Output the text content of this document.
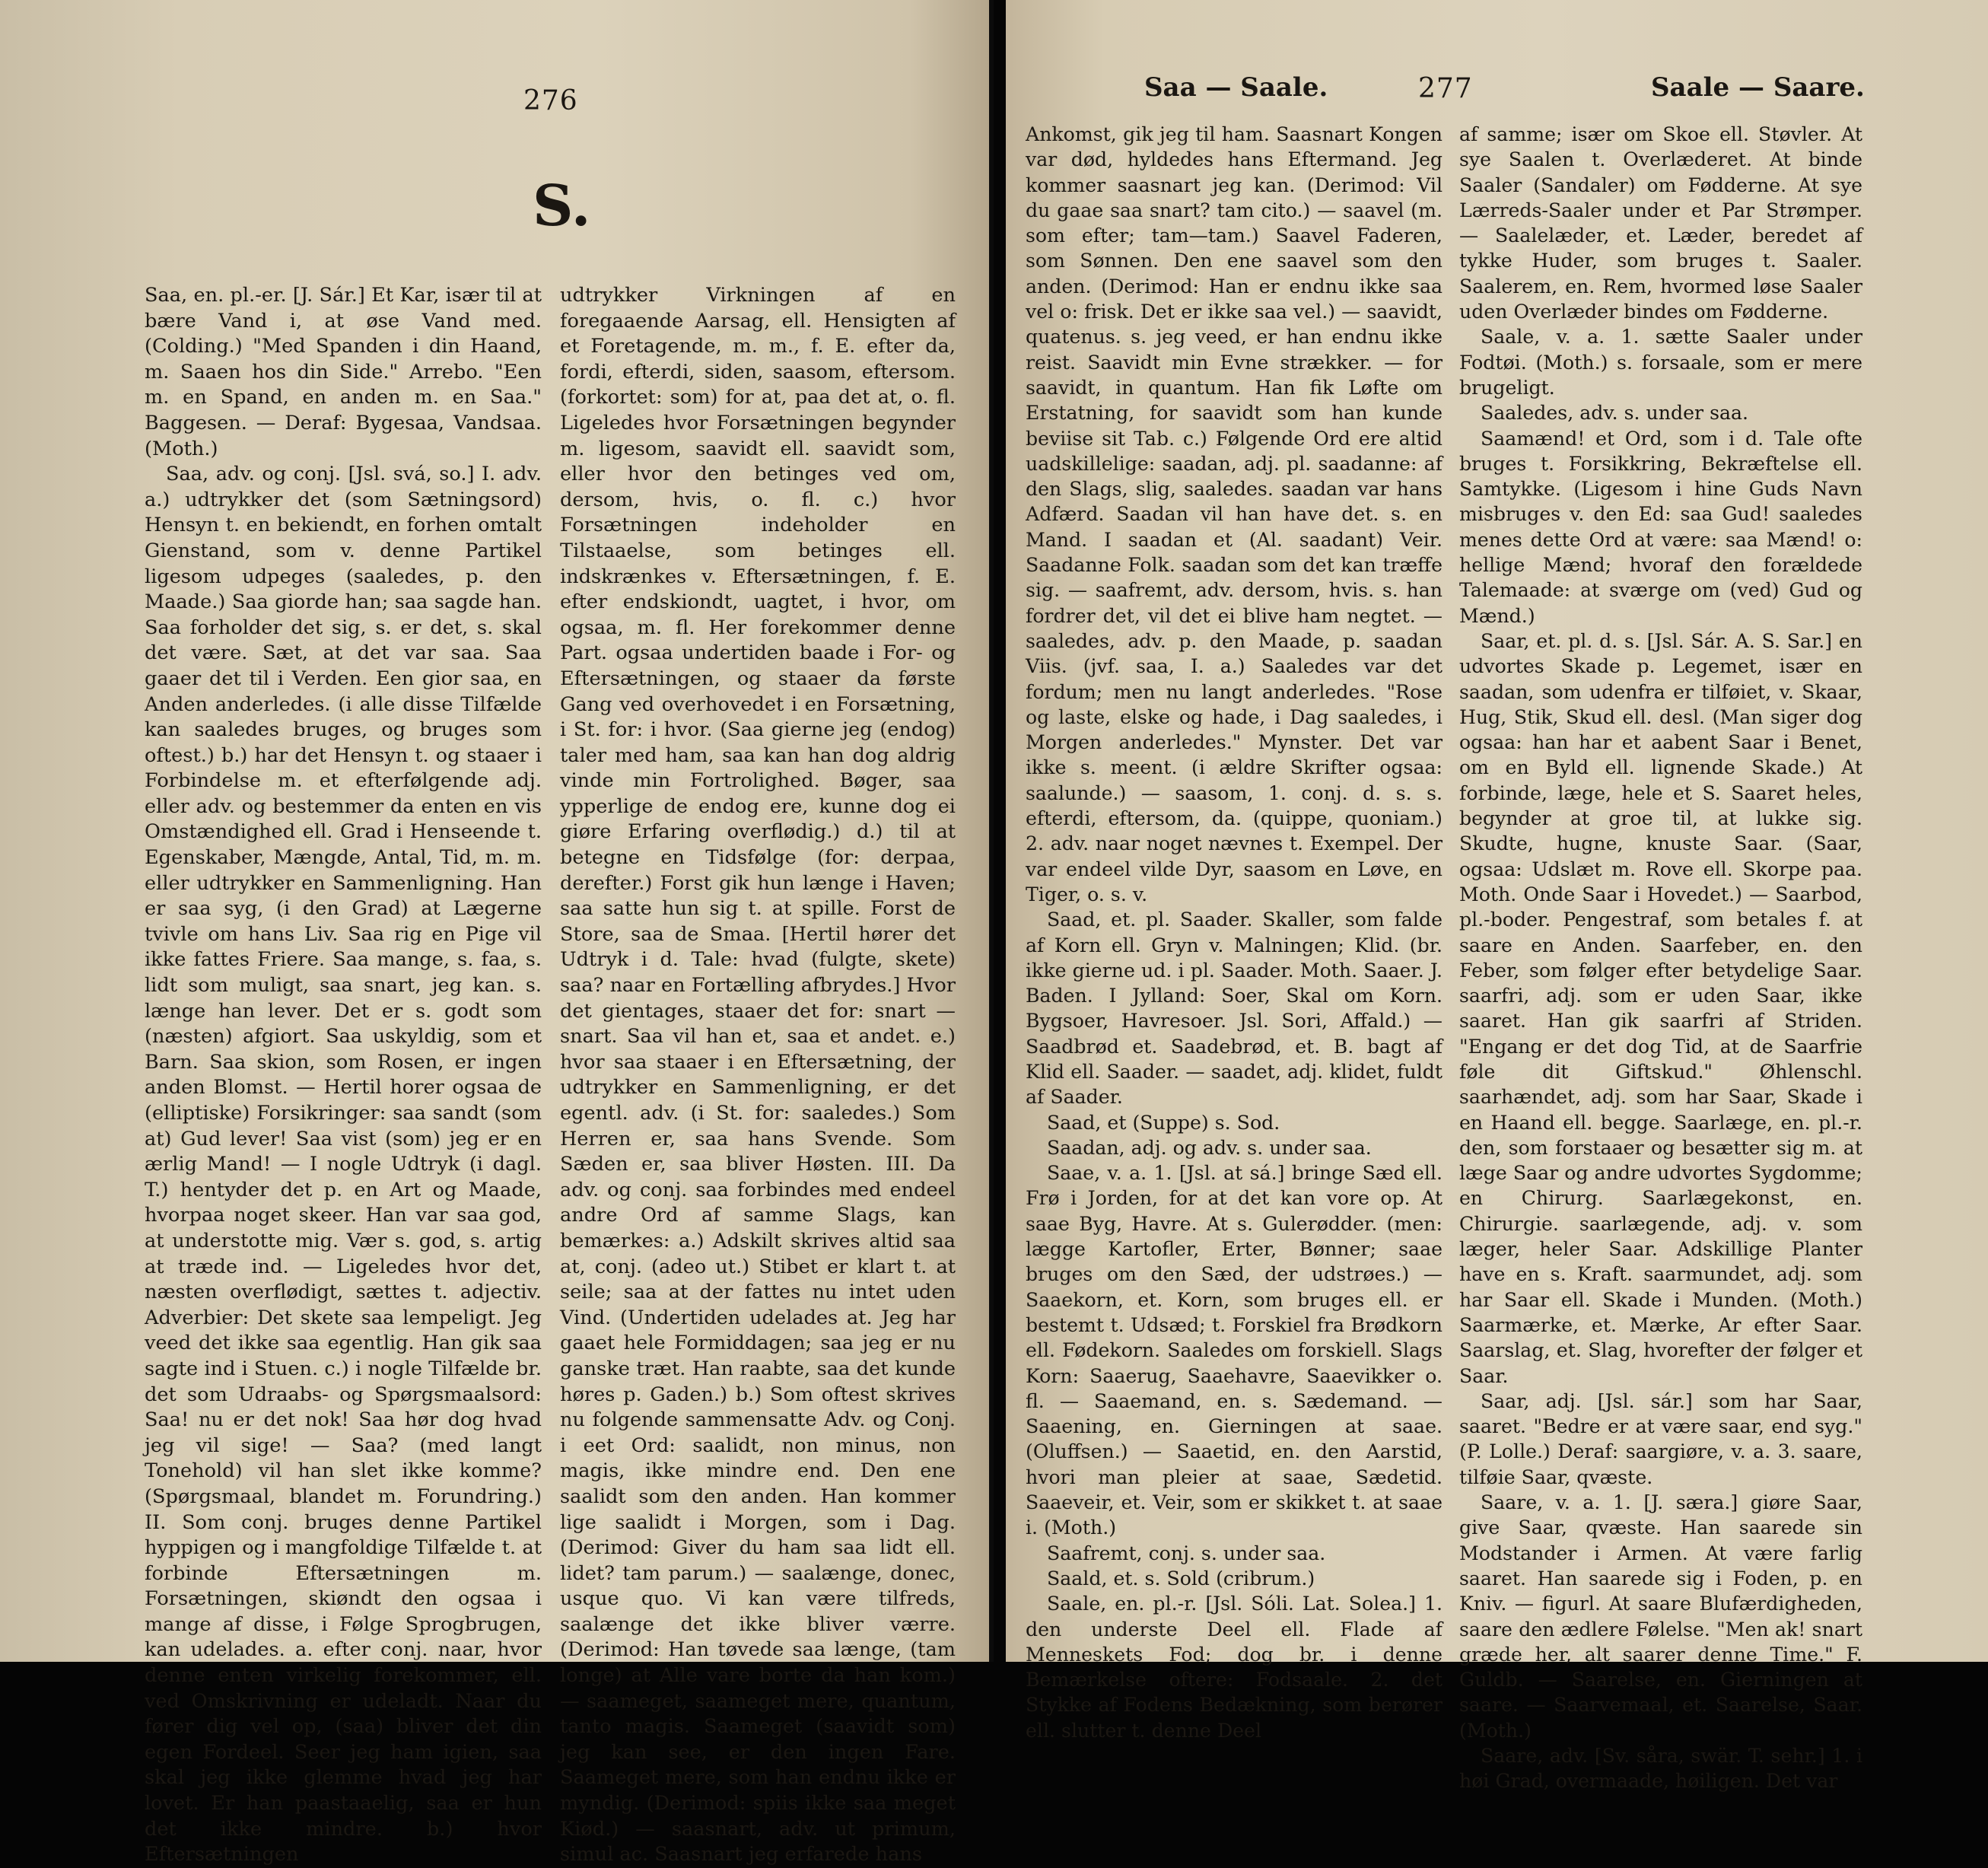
276
S.

Saa, en. pl.-er. [J. Sár.] Et Kar, især til at bære Vand i, at øse Vand med. (Colding.) "Med Spanden i din Haand, m. Saaen hos din Side." Arrebo. "Een m. en Spand, en anden m. en Saa." Baggesen. — Deraf: Bygesaa, Vandsaa. (Moth.)

Saa, adv. og conj. [Jsl. svá, so.] I. adv. a.) udtrykker det (som Sætningsord) Hensyn t. en bekiendt, en forhen omtalt Gienstand, som v. denne Partikel ligesom udpeges (saaledes, p. den Maade.) Saa giorde han; saa sagde han. Saa forholder det sig, s. er det, s. skal det være. Sæt, at det var saa. Saa gaaer det til i Verden. Een gior saa, en Anden anderledes. (i alle disse Tilfælde kan saaledes bruges, og bruges som oftest.) b.) har det Hensyn t. og staaer i Forbindelse m. et efterfølgende adj. eller adv. og bestemmer da enten en vis Omstændighed ell. Grad i Henseende t. Egenskaber, Mængde, Antal, Tid, m. m. eller udtrykker en Sammenligning. Han er saa syg, (i den Grad) at Lægerne tvivle om hans Liv. Saa rig en Pige vil ikke fattes Friere. Saa mange, s. faa, s. lidt som muligt, saa snart, jeg kan. s. længe han lever. Det er s. godt som (næsten) afgiort. Saa uskyldig, som et Barn. Saa skion, som Rosen, er ingen anden Blomst. — Hertil horer ogsaa de (elliptiske) Forsikringer: saa sandt (som at) Gud lever! Saa vist (som) jeg er en ærlig Mand! — I nogle Udtryk (i dagl. T.) hentyder det p. en Art og Maade, hvorpaa noget skeer. Han var saa god, at understotte mig. Vær s. god, s. artig at træde ind. — Ligeledes hvor det, næsten overflødigt, sættes t. adjectiv. Adverbier: Det skete saa lempeligt. Jeg veed det ikke saa egentlig. Han gik saa sagte ind i Stuen. c.) i nogle Tilfælde br. det som Udraabs- og Spørgsmaalsord: Saa! nu er det nok! Saa hør dog hvad jeg vil sige! — Saa? (med langt Tonehold) vil han slet ikke komme? (Spørgsmaal, blandet m. Forundring.) II. Som conj. bruges denne Partikel hyppigen og i mangfoldige Tilfælde t. at forbinde Eftersætningen m. Forsætningen, skiøndt den ogsaa i mange af disse, i Følge Sprogbrugen, kan udelades. a. efter conj. naar, hvor denne enten virkelig forekommer, ell. ved Omskrivning er udeladt. Naar du fører dig vel op, (saa) bliver det din egen Fordeel. Seer jeg ham igien, saa skal jeg ikke glemme hvad jeg har lovet. Er han paastaaelig, saa er hun det ikke mindre. b.) hvor Eftersætningen

udtrykker Virkningen af en foregaaende Aarsag, ell. Hensigten af et Foretagende, m. m., f. E. efter da, fordi, efterdi, siden, saasom, eftersom. (forkortet: som) for at, paa det at, o. fl. Ligeledes hvor Forsætningen begynder m. ligesom, saavidt ell. saavidt som, eller hvor den betinges ved om, dersom, hvis, o. fl. c.) hvor Forsætningen indeholder en Tilstaaelse, som betinges ell. indskrænkes v. Eftersætningen, f. E. efter endskiondt, uagtet, i hvor, om ogsaa, m. fl. Her forekommer denne Part. ogsaa undertiden baade i For- og Eftersætningen, og staaer da første Gang ved overhovedet i en Forsætning, i St. for: i hvor. (Saa gierne jeg (endog) taler med ham, saa kan han dog aldrig vinde min Fortrolighed. Bøger, saa ypperlige de endog ere, kunne dog ei giøre Erfaring overflødig.) d.) til at betegne en Tidsfølge (for: derpaa, derefter.) Forst gik hun længe i Haven; saa satte hun sig t. at spille. Forst de Store, saa de Smaa. [Hertil hører det Udtryk i d. Tale: hvad (fulgte, skete) saa? naar en Fortælling afbrydes.] Hvor det gientages, staaer det for: snart — snart. Saa vil han et, saa et andet. e.) hvor saa staaer i en Eftersætning, der udtrykker en Sammenligning, er det egentl. adv. (i St. for: saaledes.) Som Herren er, saa hans Svende. Som Sæden er, saa bliver Høsten. III. Da adv. og conj. saa forbindes med endeel andre Ord af samme Slags, kan bemærkes: a.) Adskilt skrives altid saa at, conj. (adeo ut.) Stibet er klart t. at seile; saa at der fattes nu intet uden Vind. (Undertiden udelades at. Jeg har gaaet hele Formiddagen; saa jeg er nu ganske træt. Han raabte, saa det kunde høres p. Gaden.) b.) Som oftest skrives nu folgende sammensatte Adv. og Conj. i eet Ord: saalidt, non minus, non magis, ikke mindre end. Den ene saalidt som den anden. Han kommer lige saalidt i Morgen, som i Dag. (Derimod: Giver du ham saa lidt ell. lidet? tam parum.) — saalænge, donec, usque quo. Vi kan være tilfreds, saalænge det ikke bliver værre. (Derimod: Han tøvede saa længe, (tam longe) at Alle vare borte da han kom.) — saameget, saameget mere, quantum, tanto magis. Saameget (saavidt som) jeg kan see, er den ingen Fare. Saameget mere, som han endnu ikke er myndig. (Derimod: spiis ikke saa meget Kiød.) — saasnart, adv. ut primum, simul ac. Saasnart jeg erfarede hans

Saa — Saale.	277	Saale — Saare.

Ankomst, gik jeg til ham. Saasnart Kongen var død, hyldedes hans Eftermand. Jeg kommer saasnart jeg kan. (Derimod: Vil du gaae saa snart? tam cito.) — saavel (m. som efter; tam—tam.) Saavel Faderen, som Sønnen. Den ene saavel som den anden. (Derimod: Han er endnu ikke saa vel o: frisk. Det er ikke saa vel.) — saavidt, quatenus. s. jeg veed, er han endnu ikke reist. Saavidt min Evne strækker. — for saavidt, in quantum. Han fik Løfte om Erstatning, for saavidt som han kunde beviise sit Tab. c.) Følgende Ord ere altid uadskillelige: saadan, adj. pl. saadanne: af den Slags, slig, saaledes. saadan var hans Adfærd. Saadan vil han have det. s. en Mand. I saadan et (Al. saadant) Veir. Saadanne Folk. saadan som det kan træffe sig. — saafremt, adv. dersom, hvis. s. han fordrer det, vil det ei blive ham negtet. — saaledes, adv. p. den Maade, p. saadan Viis. (jvf. saa, I. a.) Saaledes var det fordum; men nu langt anderledes. "Rose og laste, elske og hade, i Dag saaledes, i Morgen anderledes." Mynster. Det var ikke s. meent. (i ældre Skrifter ogsaa: saalunde.) — saasom, 1. conj. d. s. s. efterdi, eftersom, da. (quippe, quoniam.) 2. adv. naar noget nævnes t. Exempel. Der var endeel vilde Dyr, saasom en Løve, en Tiger, o. s. v.

Saad, et. pl. Saader. Skaller, som falde af Korn ell. Gryn v. Malningen; Klid. (br. ikke gierne ud. i pl. Saader. Moth. Saaer. J. Baden. I Jylland: Soer, Skal om Korn. Bygsoer, Havresoer. Jsl. Sori, Affald.) — Saadbrød et. Saadebrød, et. B. bagt af Klid ell. Saader. — saadet, adj. klidet, fuldt af Saader.

Saad, et (Suppe) s. Sod.

Saadan, adj. og adv. s. under saa.

Saae, v. a. 1. [Jsl. at sá.] bringe Sæd ell. Frø i Jorden, for at det kan vore op. At saae Byg, Havre. At s. Gulerødder. (men: lægge Kartofler, Erter, Bønner; saae bruges om den Sæd, der udstrøes.) — Saaekorn, et. Korn, som bruges ell. er bestemt t. Udsæd; t. Forskiel fra Brødkorn ell. Fødekorn. Saaledes om forskiell. Slags Korn: Saaerug, Saaehavre, Saaevikker o. fl. — Saaemand, en. s. Sædemand. — Saaening, en. Gierningen at saae. (Oluffsen.) — Saaetid, en. den Aarstid, hvori man pleier at saae, Sædetid. Saaeveir, et. Veir, som er skikket t. at saae i. (Moth.)

Saafremt, conj. s. under saa.

Saald, et. s. Sold (cribrum.)

Saale, en. pl.-r. [Jsl. Sóli. Lat. Solea.] 1. den underste Deel ell. Flade af Menneskets Fod; dog br. i denne Bemærkelse oftere: Fodsaale. 2. det Stykke af Fodens Bedækning, som berører ell. slutter t. denne Deel

af samme; især om Skoe ell. Støvler. At sye Saalen t. Overlæderet. At binde Saaler (Sandaler) om Fødderne. At sye Lærreds-Saaler under et Par Strømper. — Saalelæder, et. Læder, beredet af tykke Huder, som bruges t. Saaler. Saalerem, en. Rem, hvormed løse Saaler uden Overlæder bindes om Fødderne.

Saale, v. a. 1. sætte Saaler under Fodtøi. (Moth.) s. forsaale, som er mere brugeligt.

Saaledes, adv. s. under saa.

Saamænd! et Ord, som i d. Tale ofte bruges t. Forsikkring, Bekræftelse ell. Samtykke. (Ligesom i hine Guds Navn misbruges v. den Ed: saa Gud! saaledes menes dette Ord at være: saa Mænd! o: hellige Mænd; hvoraf den forældede Talemaade: at sværge om (ved) Gud og Mænd.)

Saar, et. pl. d. s. [Jsl. Sár. A. S. Sar.] en udvortes Skade p. Legemet, især en saadan, som udenfra er tilføiet, v. Skaar, Hug, Stik, Skud ell. desl. (Man siger dog ogsaa: han har et aabent Saar i Benet, om en Byld ell. lignende Skade.) At forbinde, læge, hele et S. Saaret heles, begynder at groe til, at lukke sig. Skudte, hugne, knuste Saar. (Saar, ogsaa: Udslæt m. Rove ell. Skorpe paa. Moth. Onde Saar i Hovedet.) — Saarbod, pl.-boder. Pengestraf, som betales f. at saare en Anden. Saarfeber, en. den Feber, som følger efter betydelige Saar. saarfri, adj. som er uden Saar, ikke saaret. Han gik saarfri af Striden. "Engang er det dog Tid, at de Saarfrie føle dit Giftskud." Øhlenschl. saarhændet, adj. som har Saar, Skade i en Haand ell. begge. Saarlæge, en. pl.-r. den, som forstaaer og besætter sig m. at læge Saar og andre udvortes Sygdomme; en Chirurg. Saarlægekonst, en. Chirurgie. saarlægende, adj. v. som læger, heler Saar. Adskillige Planter have en s. Kraft. saarmundet, adj. som har Saar ell. Skade i Munden. (Moth.) Saarmærke, et. Mærke, Ar efter Saar. Saarslag, et. Slag, hvorefter der følger et Saar.

Saar, adj. [Jsl. sár.] som har Saar, saaret. "Bedre er at være saar, end syg." (P. Lolle.) Deraf: saargiøre, v. a. 3. saare, tilføie Saar, qvæste.

Saare, v. a. 1. [J. særa.] giøre Saar, give Saar, qvæste. Han saarede sin Modstander i Armen. At være farlig saaret. Han saarede sig i Foden, p. en Kniv. — figurl. At saare Blufærdigheden, saare den ædlere Følelse. "Men ak! snart græde her, alt saarer denne Time." F. Guldb. — Saarelse, en. Gierningen at saare. — Saarvemaal, et. Saarelse, Saar. (Moth.)

Saare, adv. [Sv. såra, swär. T. sehr.] 1. i høi Grad, overmaade, høiligen. Det var
